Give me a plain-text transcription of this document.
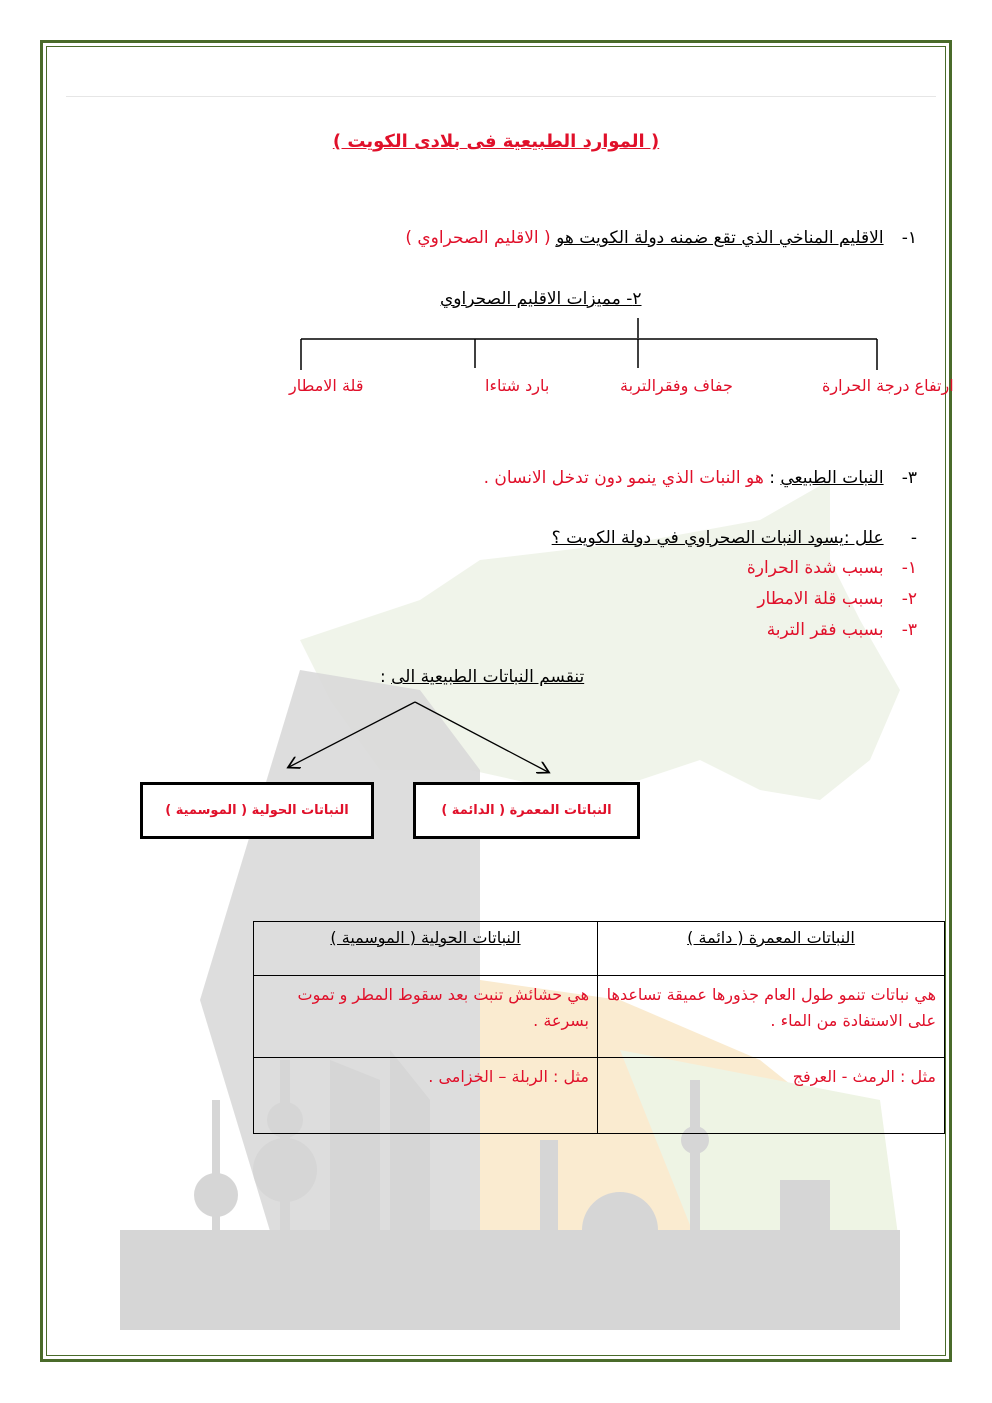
( الموارد الطبيعية فى بلادى الكويت )
١- الاقليم المناخي الذي تقع ضمنه دولة الكويت هو ( الاقليم الصحراوي )
٢- مميزات الاقليم الصحراوي
ارتفاع درجة الحرارة
جفاف وفقرالتربة
بارد شتاءا
قلة الامطار
٣- النبات الطبيعي : هو النبات الذي ينمو دون تدخل الانسان .
- علل :يسود النبات الصحراوي في دولة الكويت ؟
١- بسبب شدة الحرارة
٢- بسبب قلة الامطار
٣- بسبب فقر التربة
تنقسم النباتات الطبيعية الى :
النباتات المعمرة ( الدائمة )
النباتات الحولية ( الموسمية )
النباتات المعمرة ( دائمة )	النباتات الحولية ( الموسمية )
هي نباتات تنمو طول العام جذورها عميقة تساعدها على الاستفادة من الماء .	هي حشائش تنبت بعد سقوط المطر و تموت بسرعة .
مثل : الرمث - العرفج	مثل : الربلة – الخزامى .
